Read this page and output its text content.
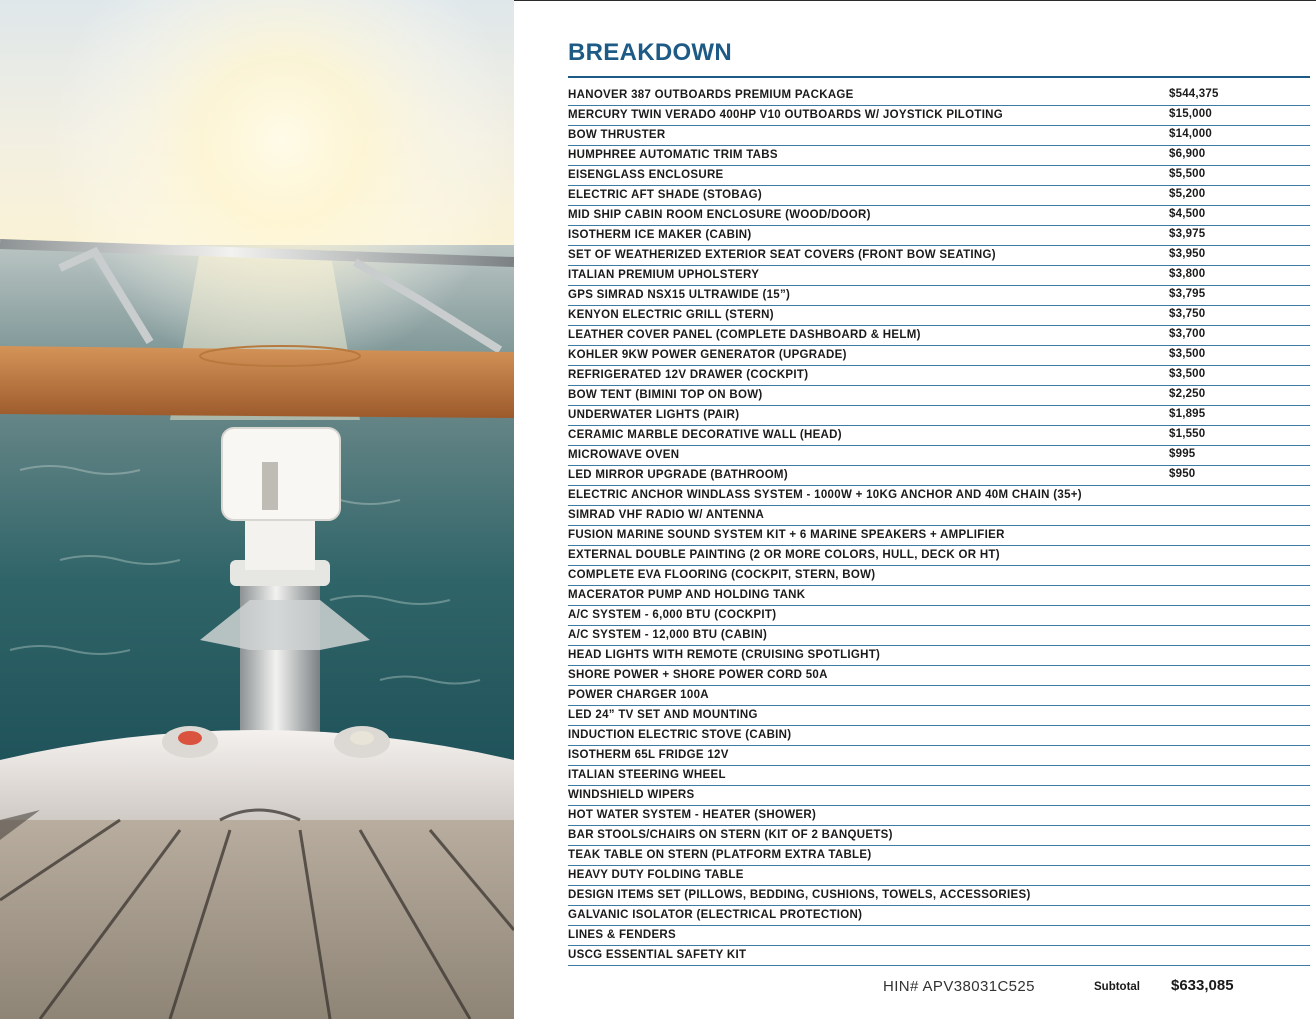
BREAKDOWN
HANOVER 387 OUTBOARDS PREMIUM PACKAGE	$544,375
MERCURY TWIN VERADO 400HP V10 OUTBOARDS W/ JOYSTICK PILOTING	$15,000
BOW THRUSTER	$14,000
HUMPHREE AUTOMATIC TRIM TABS	$6,900
EISENGLASS ENCLOSURE	$5,500
ELECTRIC AFT SHADE (STOBAG)	$5,200
MID SHIP CABIN ROOM ENCLOSURE (WOOD/DOOR)	$4,500
ISOTHERM ICE MAKER (CABIN)	$3,975
SET OF WEATHERIZED EXTERIOR SEAT COVERS (FRONT BOW SEATING)	$3,950
ITALIAN PREMIUM UPHOLSTERY	$3,800
GPS SIMRAD NSX15 ULTRAWIDE (15”)	$3,795
KENYON ELECTRIC GRILL (STERN)	$3,750
LEATHER COVER PANEL (COMPLETE DASHBOARD & HELM)	$3,700
KOHLER 9KW POWER GENERATOR (UPGRADE)	$3,500
REFRIGERATED 12V DRAWER (COCKPIT)	$3,500
BOW TENT (BIMINI TOP ON BOW)	$2,250
UNDERWATER LIGHTS (PAIR)	$1,895
CERAMIC MARBLE DECORATIVE WALL (HEAD)	$1,550
MICROWAVE OVEN	$995
LED MIRROR UPGRADE (BATHROOM)	$950
ELECTRIC ANCHOR WINDLASS SYSTEM - 1000W + 10KG ANCHOR AND 40M CHAIN (35+)
SIMRAD VHF RADIO W/ ANTENNA
FUSION MARINE SOUND SYSTEM KIT + 6 MARINE SPEAKERS + AMPLIFIER
EXTERNAL DOUBLE PAINTING (2 OR MORE COLORS, HULL, DECK OR HT)
COMPLETE EVA FLOORING (COCKPIT, STERN, BOW)
MACERATOR PUMP AND HOLDING TANK
A/C SYSTEM - 6,000 BTU (COCKPIT)
A/C SYSTEM - 12,000 BTU (CABIN)
HEAD LIGHTS WITH REMOTE (CRUISING SPOTLIGHT)
SHORE POWER + SHORE POWER CORD 50A
POWER CHARGER 100A
LED 24” TV SET AND MOUNTING
INDUCTION ELECTRIC STOVE (CABIN)
ISOTHERM 65L FRIDGE 12V
ITALIAN STEERING WHEEL
WINDSHIELD WIPERS
HOT WATER SYSTEM - HEATER (SHOWER)
BAR STOOLS/CHAIRS ON STERN (KIT OF 2 BANQUETS)
TEAK TABLE ON STERN (PLATFORM EXTRA TABLE)
HEAVY DUTY FOLDING TABLE
DESIGN ITEMS SET (PILLOWS, BEDDING, CUSHIONS, TOWELS, ACCESSORIES)
GALVANIC ISOLATOR (ELECTRICAL PROTECTION)
LINES & FENDERS
USCG ESSENTIAL SAFETY KIT
HIN# APV38031C525	Subtotal $633,085
